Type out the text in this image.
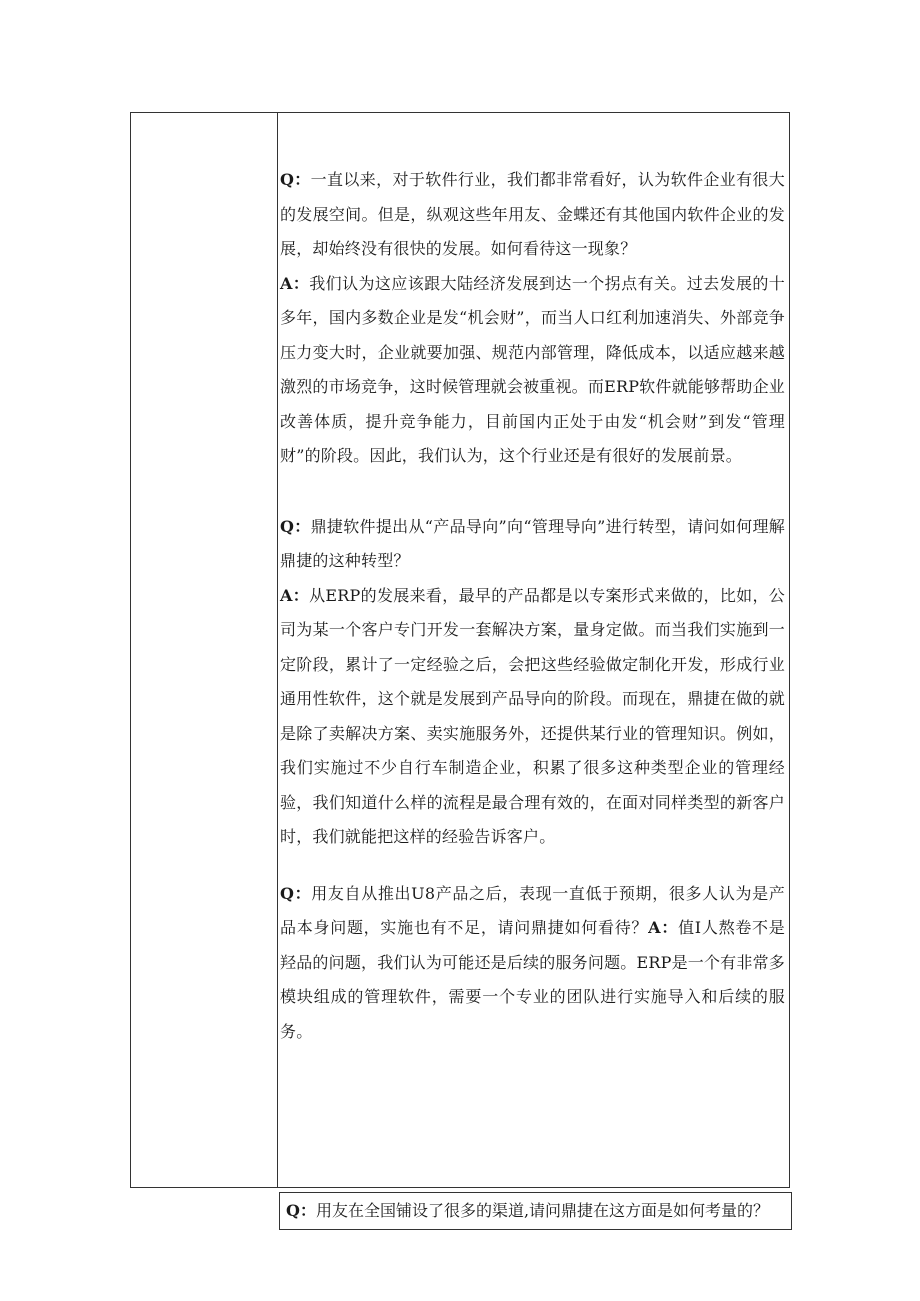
Q：一直以来，对于软件行业，我们都非常看好，认为软件企业有很大的发展空间。但是，纵观这些年用友、金蝶还有其他国内软件企业的发展，却始终没有很快的发展。如何看待这一现象？

A：我们认为这应该跟大陆经济发展到达一个拐点有关。过去发展的十多年，国内多数企业是发“机会财”，而当人口红利加速消失、外部竞争压力变大时，企业就要加强、规范内部管理，降低成本，以适应越来越激烈的市场竞争，这时候管理就会被重视。而ERP软件就能够帮助企业改善体质，提升竞争能力，目前国内正处于由发“机会财”到发“管理财”的阶段。因此，我们认为，这个行业还是有很好的发展前景。

Q：鼎捷软件提出从“产品导向”向“管理导向”进行转型，请问如何理解鼎捷的这种转型？

A：从ERP的发展来看，最早的产品都是以专案形式来做的，比如，公司为某一个客户专门开发一套解决方案，量身定做。而当我们实施到一定阶段，累计了一定经验之后，会把这些经验做定制化开发，形成行业通用性软件，这个就是发展到产品导向的阶段。而现在，鼎捷在做的就是除了卖解决方案、卖实施服务外，还提供某行业的管理知识。例如，我们实施过不少自行车制造企业，积累了很多这种类型企业的管理经验，我们知道什么样的流程是最合理有效的，在面对同样类型的新客户时，我们就能把这样的经验告诉客户。

Q：用友自从推出U8产品之后，表现一直低于预期，很多人认为是产品本身问题，实施也有不足，请问鼎捷如何看待？A：值I人熬卷不是羟品的问题，我们认为可能还是后续的服务问题。ERP是一个有非常多模块组成的管理软件，需要一个专业的团队进行实施导入和后续的服务。

Q：用友在全国铺设了很多的渠道,请问鼎捷在这方面是如何考量的？
